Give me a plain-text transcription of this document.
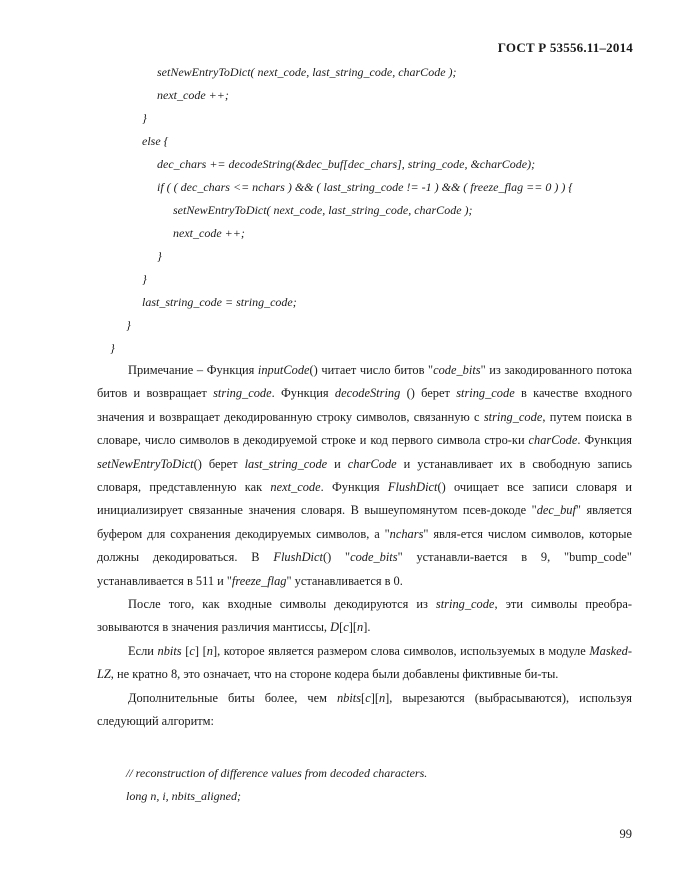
ГОСТ Р 53556.11–2014
setNewEntryToDict( next_code, last_string_code, charCode );
next_code ++;
}
else {
dec_chars += decodeString(&dec_buf[dec_chars], string_code, &charCode);
if ( ( dec_chars <= nchars ) && ( last_string_code != -1 ) && ( freeze_flag == 0 ) ) {
setNewEntryToDict( next_code, last_string_code, charCode );
next_code ++;
}
}
last_string_code = string_code;
}
}

Примечание – Функция inputCode() читает число битов "code_bits" из закодированного потока битов и возвращает string_code. Функция decodeString () берет string_code в качестве входного значения и возвращает декодированную строку символов, связанную с string_code, путем поиска в словаре, число символов в декодируемой строке и код первого символа стро-ки charCode. Функция setNewEntryToDict() берет last_string_code и charCode и устанавливает их в свободную запись словаря, представленную как next_code. Функция FlushDict() очищает все записи словаря и инициализирует связанные значения словаря. В вышеупомянутом псев-докоде "dec_buf" является буфером для сохранения декодируемых символов, а "nchars" явля-ется числом символов, которые должны декодироваться. В FlushDict() "code_bits" устанавли-вается в 9, "bump_code" устанавливается в 511 и "freeze_flag" устанавливается в 0.

После того, как входные символы декодируются из string_code, эти символы преобра-зовываются в значения различия мантиссы, D[c][n].

Если nbits [c] [n], которое является размером слова символов, используемых в модуле Masked-LZ, не кратно 8, это означает, что на стороне кодера были добавлены фиктивные би-ты.

Дополнительные биты более, чем nbits[c][n], вырезаются (выбрасываются), используя следующий алгоритм:

// reconstruction of difference values from decoded characters.
long n, i, nbits_aligned;
99
